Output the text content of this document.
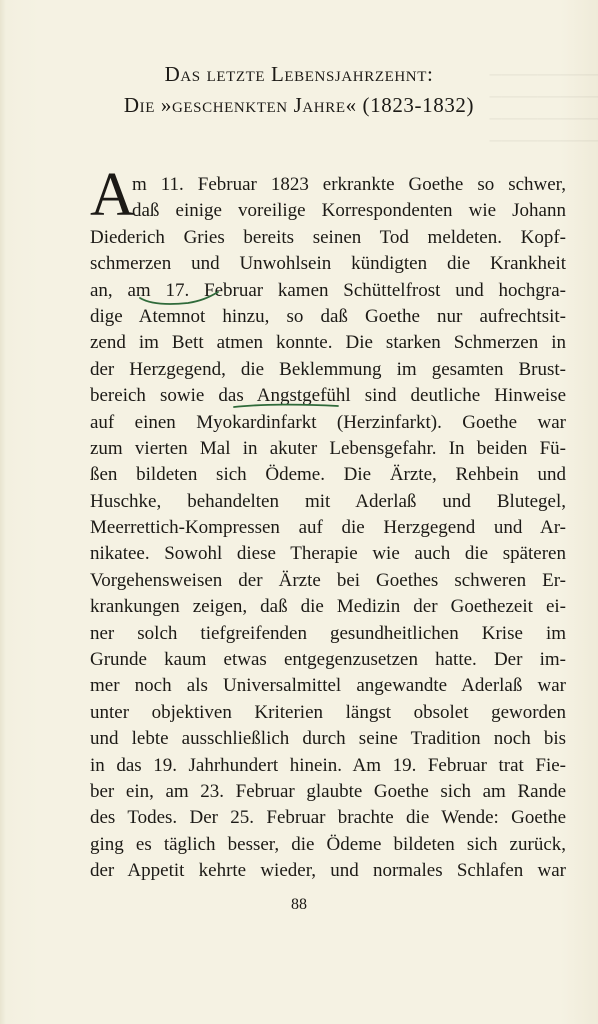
─────────
─────────
─────────
─────────
Das letzte Lebensjahrzehnt:
Die »geschenkten Jahre« (1823-1832)
A
m 11. Februar 1823 erkrankte Goethe so schwer,
daß einige voreilige Korrespondenten wie Johann
Diederich Gries bereits seinen Tod meldeten. Kopf-
schmerzen und Unwohlsein kündigten die Krankheit
an, am 17. Februar kamen Schüttelfrost und hochgra-
dige Atemnot hinzu, so daß Goethe nur aufrechtsit-
zend im Bett atmen konnte. Die starken Schmerzen in
der Herzgegend, die Beklemmung im gesamten Brust-
bereich sowie das Angstgefühl sind deutliche Hinweise
auf einen Myokardinfarkt (Herzinfarkt). Goethe war
zum vierten Mal in akuter Lebensgefahr. In beiden Fü-
ßen bildeten sich Ödeme. Die Ärzte, Rehbein und
Huschke, behandelten mit Aderlaß und Blutegel,
Meerrettich-Kompressen auf die Herzgegend und Ar-
nikatee. Sowohl diese Therapie wie auch die späteren
Vorgehensweisen der Ärzte bei Goethes schweren Er-
krankungen zeigen, daß die Medizin der Goethezeit ei-
ner solch tiefgreifenden gesundheitlichen Krise im
Grunde kaum etwas entgegenzusetzen hatte. Der im-
mer noch als Universalmittel angewandte Aderlaß war
unter objektiven Kriterien längst obsolet geworden
und lebte ausschließlich durch seine Tradition noch bis
in das 19. Jahrhundert hinein. Am 19. Februar trat Fie-
ber ein, am 23. Februar glaubte Goethe sich am Rande
des Todes. Der 25. Februar brachte die Wende: Goethe
ging es täglich besser, die Ödeme bildeten sich zurück,
der Appetit kehrte wieder, und normales Schlafen war
88
